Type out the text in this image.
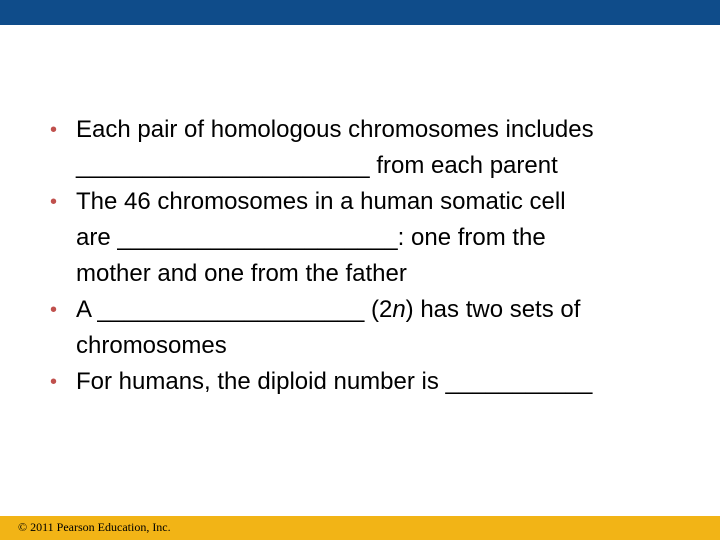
• Each pair of homologous chromosomes includes
______________________ from each parent
• The 46 chromosomes in a human somatic cell
are _____________________: one from the
mother and one from the father
• A ____________________ (2n) has two sets of
chromosomes
• For humans, the diploid number is ___________
© 2011 Pearson Education, Inc.
